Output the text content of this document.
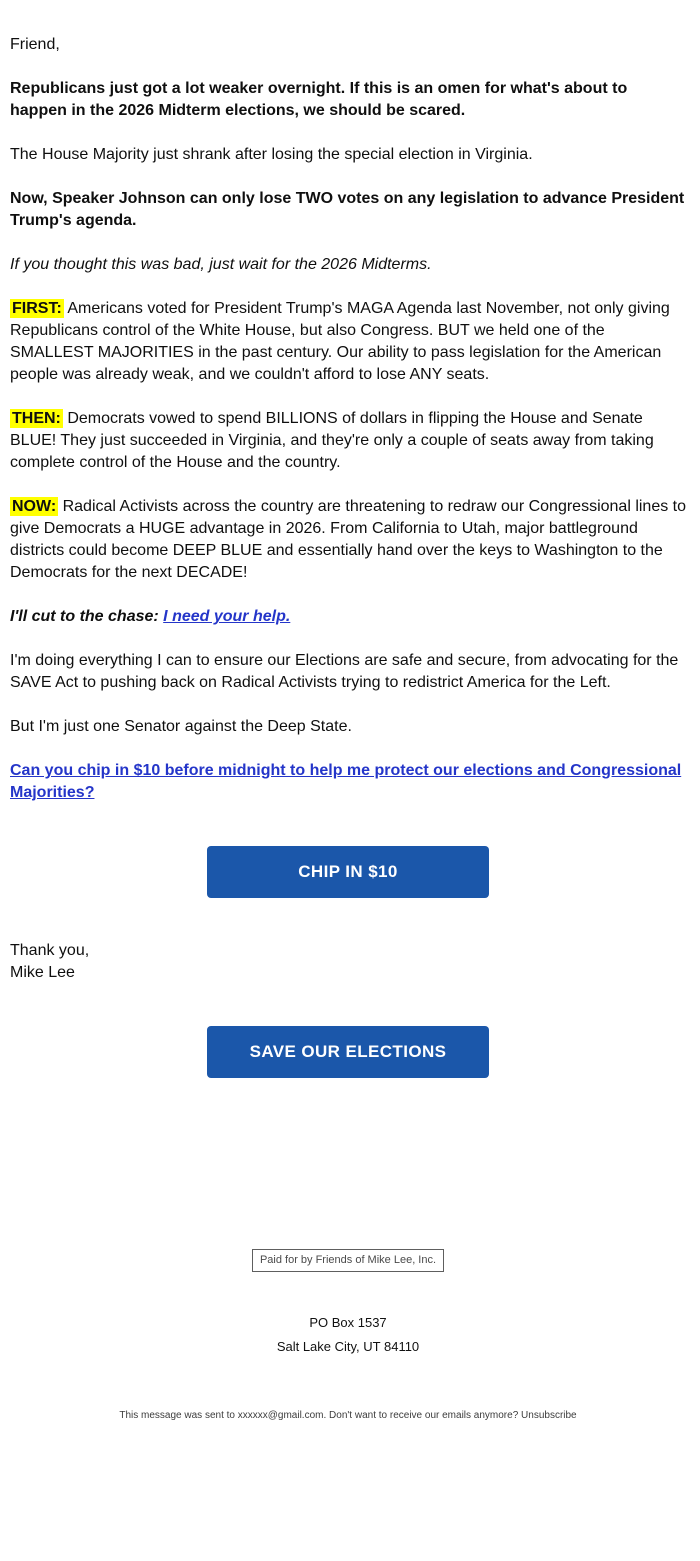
Friend,

Republicans just got a lot weaker overnight. If this is an omen for what's about to happen in the 2026 Midterm elections, we should be scared.

The House Majority just shrank after losing the special election in Virginia.

Now, Speaker Johnson can only lose TWO votes on any legislation to advance President Trump's agenda.

If you thought this was bad, just wait for the 2026 Midterms.

FIRST: Americans voted for President Trump's MAGA Agenda last November, not only giving Republicans control of the White House, but also Congress. BUT we held one of the SMALLEST MAJORITIES in the past century. Our ability to pass legislation for the American people was already weak, and we couldn't afford to lose ANY seats.

THEN: Democrats vowed to spend BILLIONS of dollars in flipping the House and Senate BLUE! They just succeeded in Virginia, and they're only a couple of seats away from taking complete control of the House and the country.

NOW: Radical Activists across the country are threatening to redraw our Congressional lines to give Democrats a HUGE advantage in 2026. From California to Utah, major battleground districts could become DEEP BLUE and essentially hand over the keys to Washington to the Democrats for the next DECADE!

I'll cut to the chase: I need your help.

I'm doing everything I can to ensure our Elections are safe and secure, from advocating for the SAVE Act to pushing back on Radical Activists trying to redistrict America for the Left.

But I'm just one Senator against the Deep State.

Can you chip in $10 before midnight to help me protect our elections and Congressional Majorities?

CHIP IN $10

Thank you,
Mike Lee

SAVE OUR ELECTIONS
Paid for by Friends of Mike Lee, Inc.
PO Box 1537
Salt Lake City, UT 84110
This message was sent to xxxxxx@gmail.com. Don't want to receive our emails anymore? Unsubscribe
